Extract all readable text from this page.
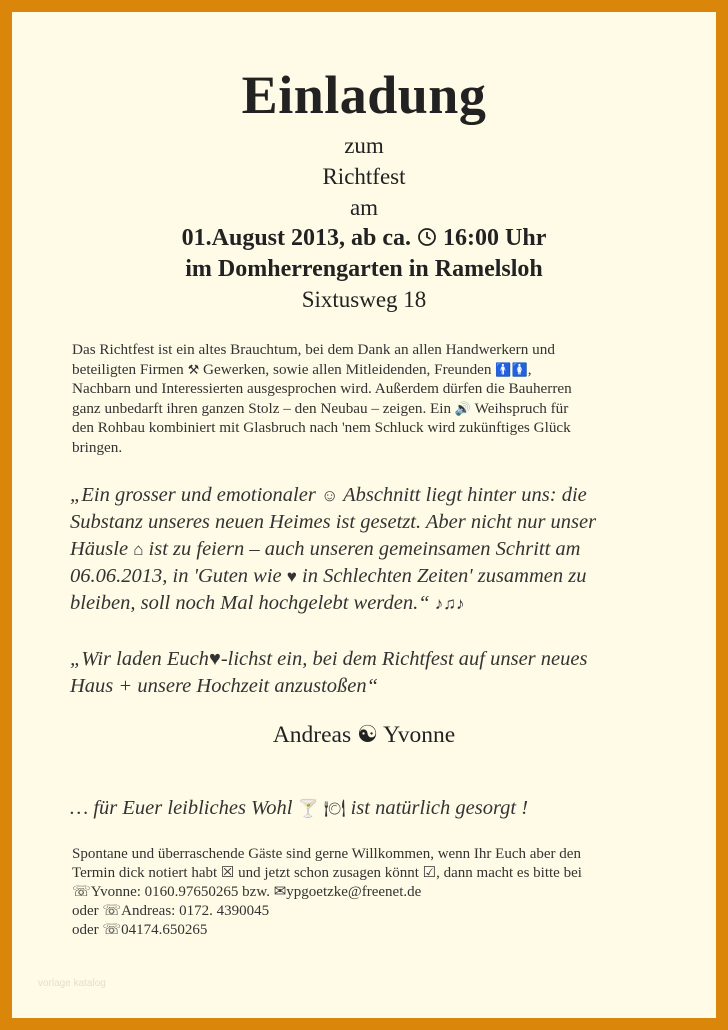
Einladung
zum
Richtfest
am
01.August 2013, ab ca. 16:00 Uhr
im Domherrengarten in Ramelsloh
Sixtusweg 18
Das Richtfest ist ein altes Brauchtum, bei dem Dank an allen Handwerkern und
beteiligten Firmen ⚒ Gewerken, sowie allen Mitleidenden, Freunden 🚹🚺,
Nachbarn und Interessierten ausgesprochen wird. Außerdem dürfen die Bauherren
ganz unbedarft ihren ganzen Stolz – den Neubau – zeigen. Ein 🔊 Weihspruch für
den Rohbau kombiniert mit Glasbruch nach 'nem Schluck wird zukünftiges Glück
bringen.
„Ein grosser und emotionaler ☺ Abschnitt liegt hinter uns: die
Substanz unseres neuen Heimes ist gesetzt. Aber nicht nur unser
Häusle ⌂ ist zu feiern – auch unseren gemeinsamen Schritt am
06.06.2013, in 'Guten wie ♥ in Schlechten Zeiten' zusammen zu
bleiben, soll noch Mal hochgelebt werden.“ ♪♫♪
„Wir laden Euch♥-lichst ein, bei dem Richtfest auf unser neues
Haus + unsere Hochzeit anzustoßen“
Andreas ☯ Yvonne
… für Euer leibliches Wohl 🍸 🍽 ist natürlich gesorgt !
Spontane und überraschende Gäste sind gerne Willkommen, wenn Ihr Euch aber den
Termin dick notiert habt ☒ und jetzt schon zusagen könnt ☑, dann macht es bitte bei
☏Yvonne: 0160.97650265 bzw. ✉ypgoetzke@freenet.de
oder ☏Andreas: 0172. 4390045
oder ☏04174.650265
vorlage katalog
